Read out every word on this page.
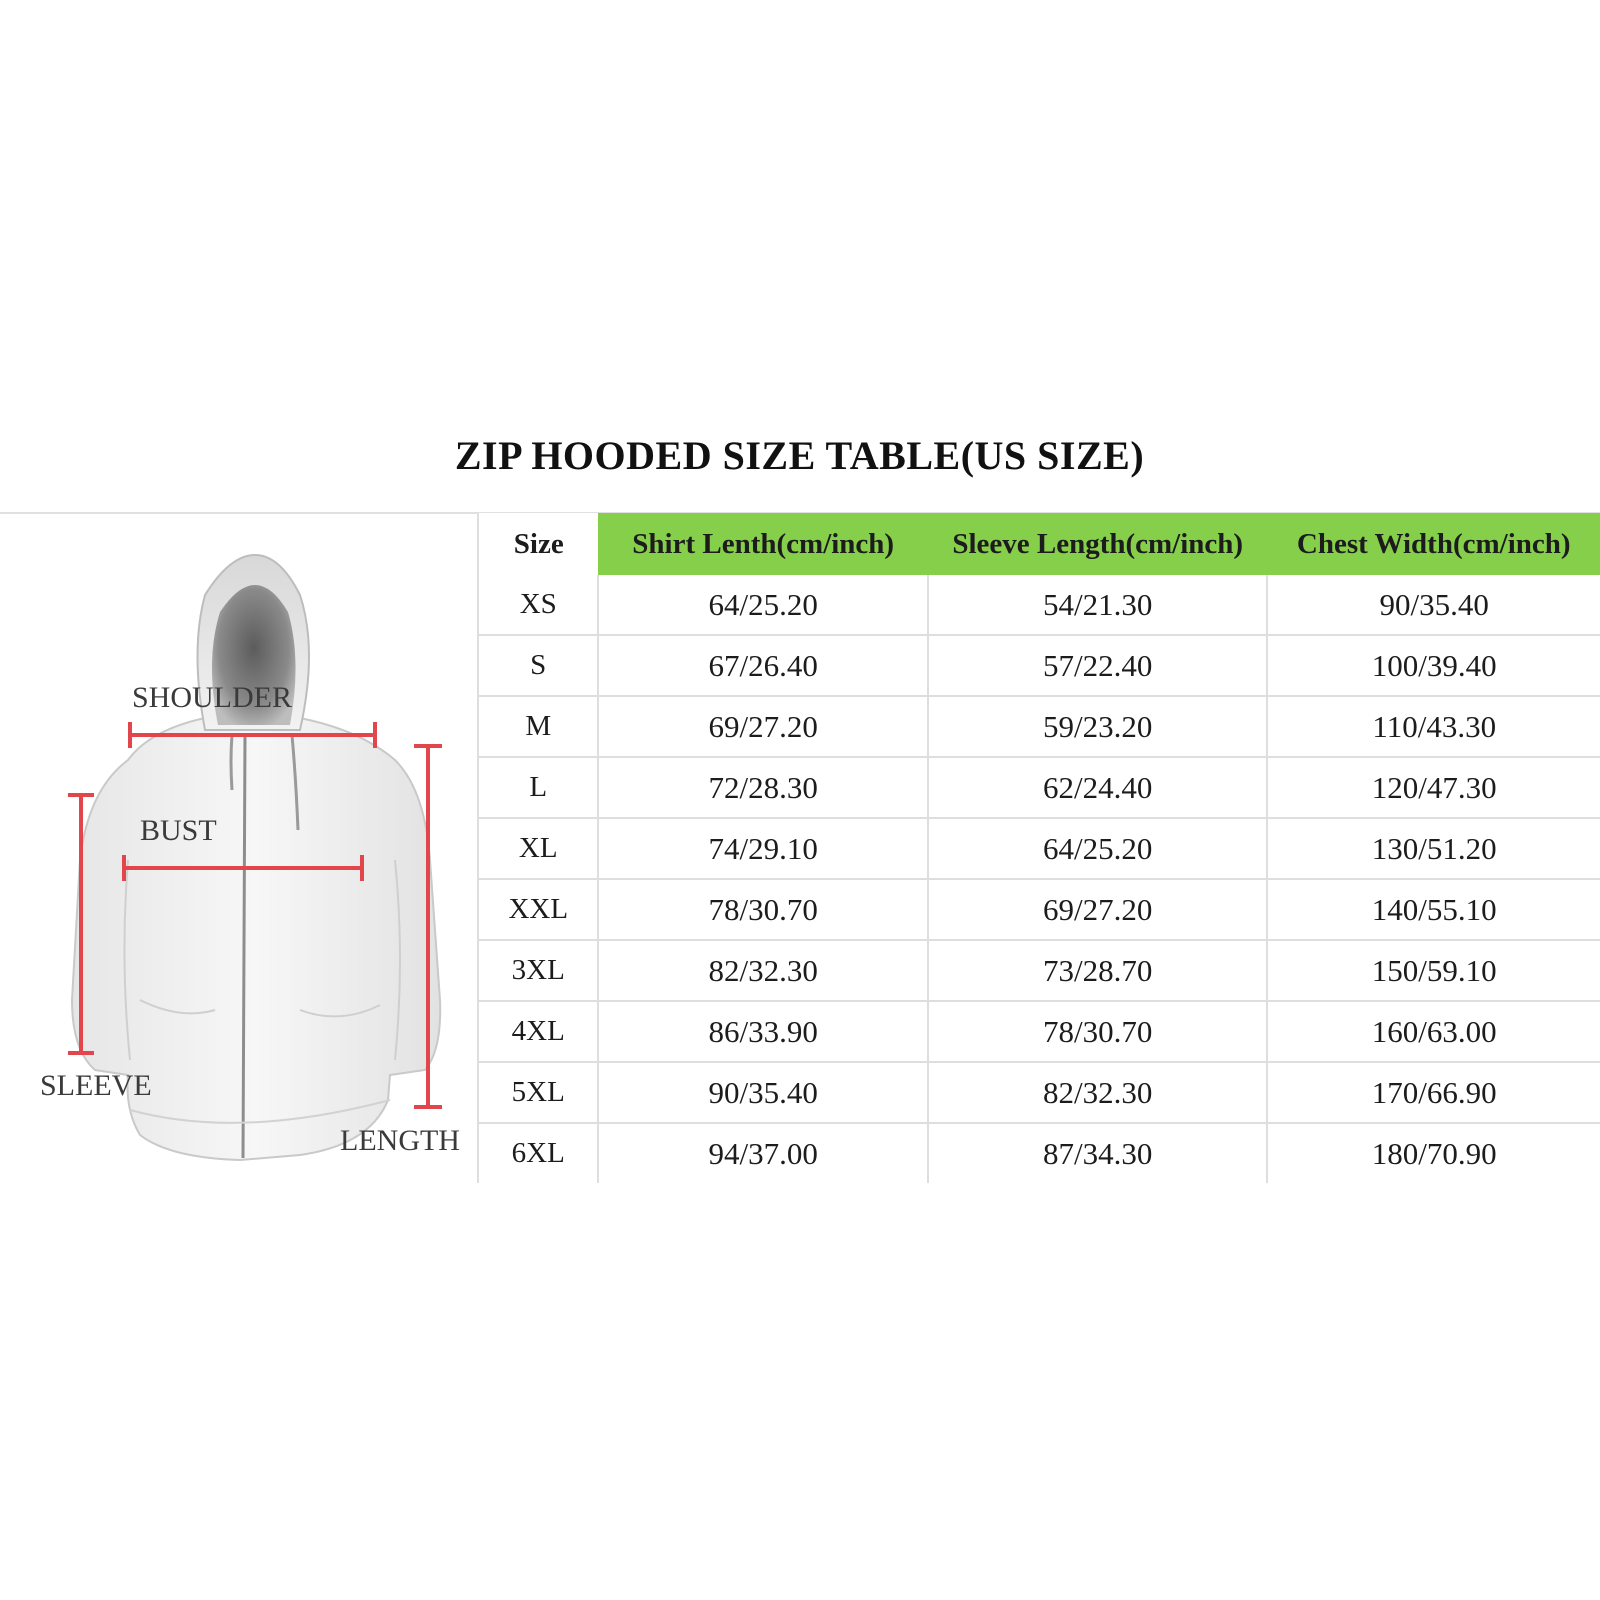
ZIP HOODED SIZE TABLE(US SIZE)
SHOULDER
BUST
SLEEVE
LENGTH
Size	Shirt Lenth(cm/inch)	Sleeve Length(cm/inch)	Chest Width(cm/inch)
XS	64/25.20	54/21.30	90/35.40
S	67/26.40	57/22.40	100/39.40
M	69/27.20	59/23.20	110/43.30
L	72/28.30	62/24.40	120/47.30
XL	74/29.10	64/25.20	130/51.20
XXL	78/30.70	69/27.20	140/55.10
3XL	82/32.30	73/28.70	150/59.10
4XL	86/33.90	78/30.70	160/63.00
5XL	90/35.40	82/32.30	170/66.90
6XL	94/37.00	87/34.30	180/70.90
